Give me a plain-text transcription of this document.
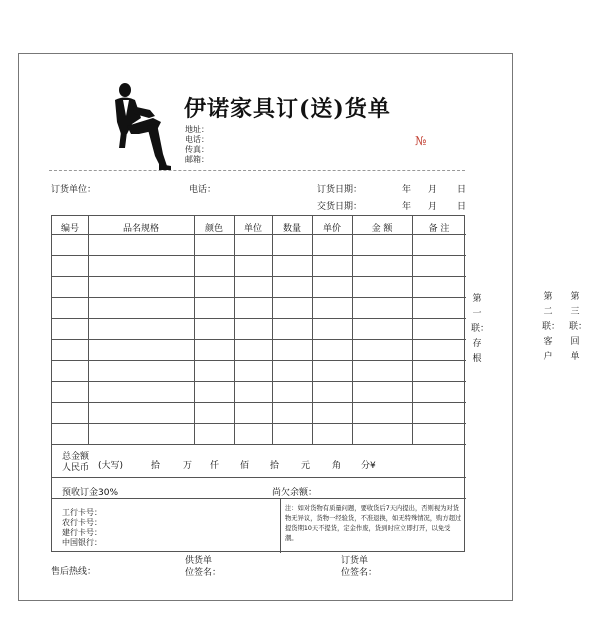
伊诺家具订(送)货单
地址：
电话：
传真：
邮箱：
№
订货单位：	电话：	订货日期：	年 月 日
交货日期：	年 月 日
编号	品名规格	颜色	单位	数量	单价	金 额	备 注
总金额
人民币 (大写)	拾	万 仟 佰 拾 元 角 分¥
预收订金30%	尚欠余额：
工行卡号：
农行卡号：
建行卡号：
中国银行：
注：如对货物有质量问题，要收货后7天内提出，否则视为对货物无异议，货物一经验货，不准退换，如无特殊情况，购方超过提货期10天不提货，定金作废，货到时应立即打开，以免受潮。
售后热线：
供货单
位签名：
订货单
位签名：
第一联：存根
第二联：客户
第三联：回单
